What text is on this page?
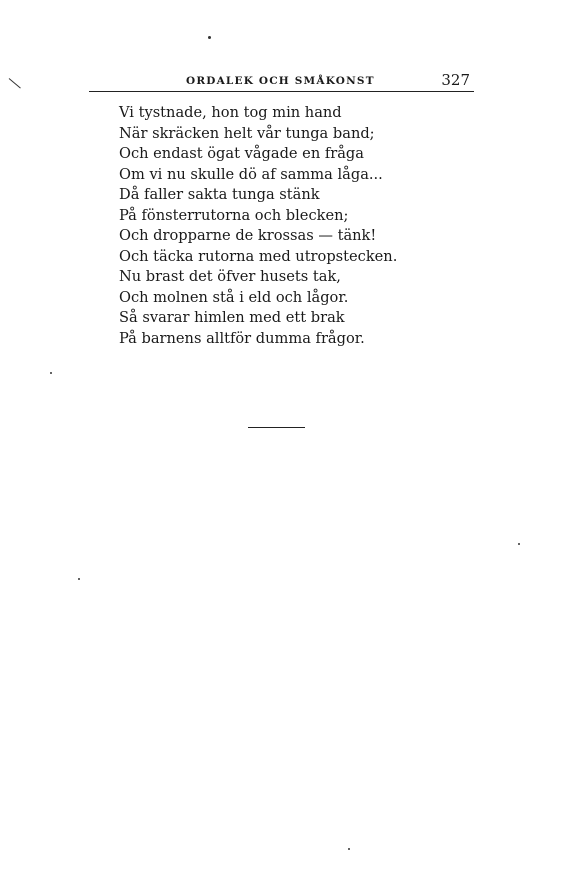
ORDALEK OCH SMÅKONST	327
Vi tystnade, hon tog min hand
När skräcken helt vår tunga band;
Och endast ögat vågade en fråga
Om vi nu skulle dö af samma låga...
Då faller sakta tunga stänk
På fönsterrutorna och blecken;
Och dropparne de krossas — tänk!
Och täcka rutorna med utropstecken.
Nu brast det öfver husets tak,
Och molnen stå i eld och lågor.
Så svarar himlen med ett brak
På barnens alltför dumma frågor.
